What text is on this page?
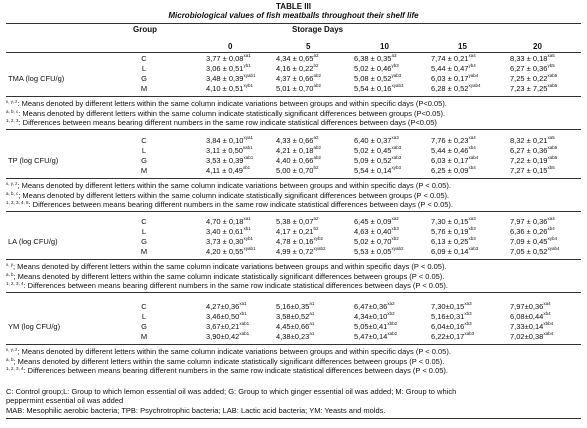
TABLE III
Microbiological values of fish meatballs throughout their shelf life
Group	Storage Days
0	5	10	15	20
TMA (log CFU/g)
C	$3,77 \pm 0,08^{xa1}$	$4,34 \pm 0,65^{a2}$	$6,38 \pm 0,35^{a3}$	$7,74 \pm 0,21^{xa4}$	$8,33 \pm 0,18^{xa5}$
L	$3,06 \pm 0,51^{yb1}$	$4,16 \pm 0,22^{b2}$	$5,02 \pm 0,46^{yb3}$	$5,44 \pm 0,47^{yb4}$	$6,27 \pm 0,36^{yb5}$
G	$3,48 \pm 0,39^{xyab1}$	$4,37 \pm 0,66^{ab2}$	$5,08 \pm 0,52^{yab3}$	$6,03 \pm 0,17^{yab4}$	$7,25 \pm 0,22^{xab5}$
M	$4,10 \pm 0,51^{xyb1}$	$5,01 \pm 0,70^{ab2}$	$5,54 \pm 0,16^{xyab3}$	$6,28 \pm 0,52^{xyab4}$	$7,23 \pm 7,25^{xab5}$
$^{x, y, z}$: Means denoted by different letters within the same column indicate variations between groups and within specific days (P<0.05).
$^{a, b, c}$: Means denoted by different letters within the same column indicate statistically significant differences between groups (P<0.05).
$^{1, 2, 3}$: Differences between means bearing different numbers in the same row indicate statistical differences between days (P<0.05)
TP (log CFU/g)
C	$3,84 \pm 0,10^{xya1}$	$4,33 \pm 0,66^{a2}$	$6,40 \pm 0,37^{xa3}$	$7,76 \pm 0,23^{xa4}$	$8,32 \pm 0,21^{xa5}$
L	$3,11 \pm 0,50^{xab1}$	$4,21 \pm 0,18^{ab2}$	$5,02 \pm 0,45^{xab3}$	$5,44 \pm 0,46^{xb4}$	$6,27 \pm 0,36^{xab5}$
G	$3,53 \pm 0,39^{xab1}$	$4,40 \pm 0,66^{ab2}$	$5,09 \pm 0,52^{xab3}$	$6,03 \pm 0,17^{xab4}$	$7,22 \pm 0,19^{xab5}$
M	$4,11 \pm 0,49^{xb1}$	$5,00 \pm 0,70^{b2}$	$5,54 \pm 0,14^{xyb3}$	$6,25 \pm 0,09^{xb4}$	$7,27 \pm 0,15^{xb5}$
$^{x, y, z}$; Means denoted by different letters within the same column indicate variations between groups and within specific days (P < 0.05).
$^{a, b, c}$; Means denoted by different letters within the same column indicate statistically significant differences between groups (P < 0.05).
$^{1, 2, 3, 4, 5}$: Differences between means bearing different numbers in the same row indicate statistical differences between days (P < 0.05).
LA (log CFU/g)
C	$4,70 \pm 0,18^{xa1}$	$5,38 \pm 0,07^{a2}$	$6,45 \pm 0,09^{xa2}$	$7,30 \pm 0,15^{xa3}$	$7,97 \pm 0,36^{xa4}$
L	$3,40 \pm 0,61^{xb1}$	$4,17 \pm 0,21^{b2}$	$4,63 \pm 0,40^{xb3}$	$5,76 \pm 0,19^{xb3}$	$6,36 \pm 0,26^{xb4}$
G	$3,73 \pm 0,30^{xyb1}$	$4,78 \pm 0,16^{xyb2}$	$5,02 \pm 0,70^{xb2}$	$6,13 \pm 0,25^{xb3}$	$7,09 \pm 0,45^{xyb4}$
M	$4,20 \pm 0,55^{xyab1}$	$4,99 \pm 0,72^{xyab2}$	$5,53 \pm 0,05^{xyab2}$	$6,09 \pm 0,14^{xab3}$	$7,05 \pm 0,52^{xyab4}$
$^{x, y}$; Means denoted by different letters within the same column indicate variations between groups and within specific days (P < 0.05).
$^{a, b}$; Means denoted by different letters within the same column indicate statistically significant differences between groups (P < 0.05).
$^{1, 2, 3, 4}$: Differences between means bearing different numbers in the same row indicate statistical differences between days (P < 0.05).
YM (log CFU/g)
C	$4,27\pm 0,36^{xa1}$	$5,16\pm 0,35^{a1}$	$6,47\pm 0,36^{xa2}$	$7,30\pm 0,15^{xa3}$	$7,97\pm 0,36^{xa4}$
L	$3,46\pm 0,50^{xb1}$	$3,58\pm 0,52^{a1}$	$4,34\pm 0,10^{xb2}$	$5,16\pm 0,31^{xb3}$	$6,08\pm 0,44^{xb4}$
G	$3,67\pm 0,21^{xab1}$	$4,45\pm 0,66^{a1}$	$5,05\pm 0,41^{xbb2}$	$6,04\pm 0,16^{xb3}$	$7,33\pm 0,14^{xbb4}$
M	$3,90\pm 0,42^{xab1}$	$4,38\pm 0,23^{a1}$	$5,47\pm 0,14^{xab2}$	$6,22\pm 0,17^{xab3}$	$7,02\pm 0,38^{xab4}$
$^{x, y, z}$; Means denoted by different letters within the same column indicate variations between groups and within specific days (P < 0.05).
$^{a, b}$; Means denoted by different letters within the same column indicate statistically significant differences between groups (P < 0.05).
$^{1, 2, 3, 4}$: Differences between means bearing different numbers in the same row indicate statistical differences between days (P < 0.05).
C: Control group;L: Group to which lemon essential oil was added; G: Group to which ginger essential oil was added; M: Group to which
peppermint essential oil was added
MAB: Mesophilic aerobic bacteria; TPB: Psychrotrophic bacteria; LAB: Lactic acid bacteria; YM: Yeasts and molds.
